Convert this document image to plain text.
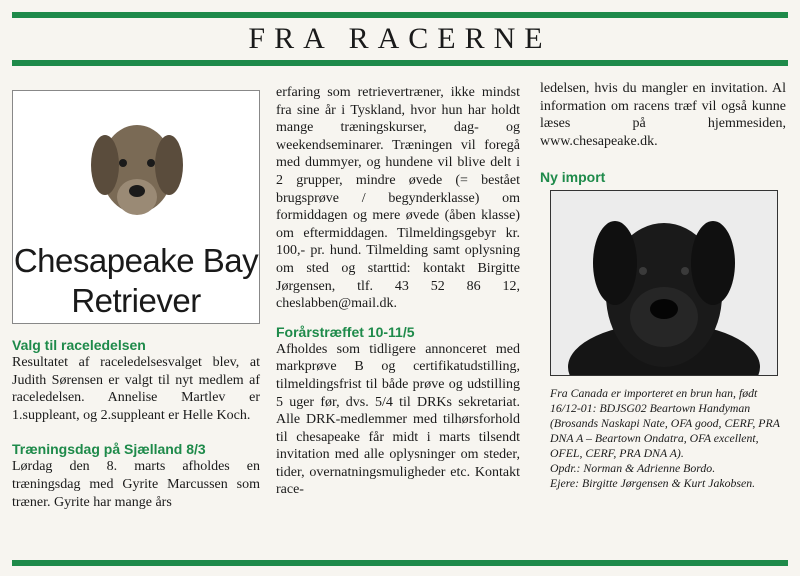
FRA RACERNE
Chesapeake Bay
Retriever
Valg til raceledelsen
Resultatet af raceledelsesvalget blev, at Judith Sørensen er valgt til nyt medlem af raceledelsen. Annelise Martlev er 1.suppleant, og 2.suppleant er Helle Koch.
Træningsdag på Sjælland 8/3
Lørdag den 8. marts afholdes en træningsdag med Gyrite Marcussen som træner. Gyrite har mange års
erfaring som retrievertræner, ikke mindst fra sine år i Tyskland, hvor hun har holdt mange træningskurser, dag- og weekendseminarer. Træningen vil foregå med dummyer, og hundene vil blive delt i 2 grupper, mindre øvede (= bestået brugsprøve / begynderklasse) om formiddagen og mere øvede (åben klasse) om eftermiddagen. Tilmeldingsgebyr kr. 100,- pr. hund. Tilmelding samt oplysning om sted og starttid: kontakt Birgitte Jørgensen, tlf. 43 52 86 12, cheslabben@mail.dk.
Forårstræffet 10-11/5
Afholdes som tidligere annonceret med markprøve B og certifikatudstilling, tilmeldingsfrist til både prøve og udstilling 5 uger før, dvs. 5/4 til DRKs sekretariat. Alle DRK-medlemmer med tilhørsforhold til chesapeake får midt i marts tilsendt invitation med alle oplysninger om steder, tider, overnatningsmuligheder etc. Kontakt race-
ledelsen, hvis du mangler en invitation. Al information om racens træf vil også kunne læses på hjemmesiden, www.chesapeake.dk.
Ny import
Fra Canada er importeret en brun han, født 16/12-01: BDJSG02 Beartown Handyman (Brosands Naskapi Nate, OFA good, CERF, PRA DNA A – Beartown Ondatra, OFA excellent, OFEL, CERF, PRA DNA A).
Opdr.: Norman & Adrienne Bordo.
Ejere: Birgitte Jørgensen & Kurt Jakobsen.
